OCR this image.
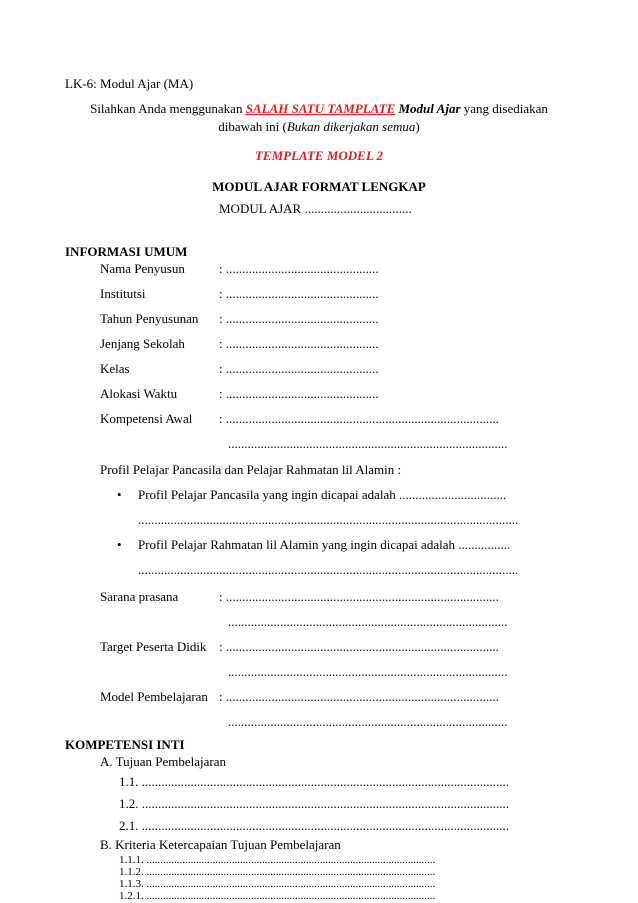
LK-6: Modul Ajar (MA)
Silahkan Anda menggunakan SALAH SATU TAMPLATE Modul Ajar yang disediakan
dibawah ini (Bukan dikerjakan semua)
TEMPLATE MODEL 2
MODUL AJAR FORMAT LENGKAP
MODUL AJAR .................................
INFORMASI UMUM
Nama Penyusun	: ...............................................
Institutsi	: ...............................................
Tahun Penyusunan : ...............................................
Jenjang Sekolah	: ...............................................
Kelas	: ...............................................
Alokasi Waktu	: ...............................................
Kompetensi Awal : ....................................................................................
......................................................................................
Profil Pelajar Pancasila dan Pelajar Rahmatan lil Alamin :
• Profil Pelajar Pancasila yang ingin dicapai adalah .................................
.....................................................................................................................
• Profil Pelajar Rahmatan lil Alamin yang ingin dicapai adalah ................
.....................................................................................................................
Sarana prasana	: ....................................................................................
......................................................................................
Target Peserta Didik : ....................................................................................
......................................................................................
Model Pembelajaran : ....................................................................................
......................................................................................
KOMPETENSI INTI
A. Tujuan Pembelajaran
1.1. .................................................................................................................
1.2. .................................................................................................................
2.1. .................................................................................................................
B. Kriteria Ketercapaian Tujuan Pembelajaran
1.1.1. .........................................................................................................
1.1.2. .........................................................................................................
1.1.3. .........................................................................................................
1.2.1. .........................................................................................................
